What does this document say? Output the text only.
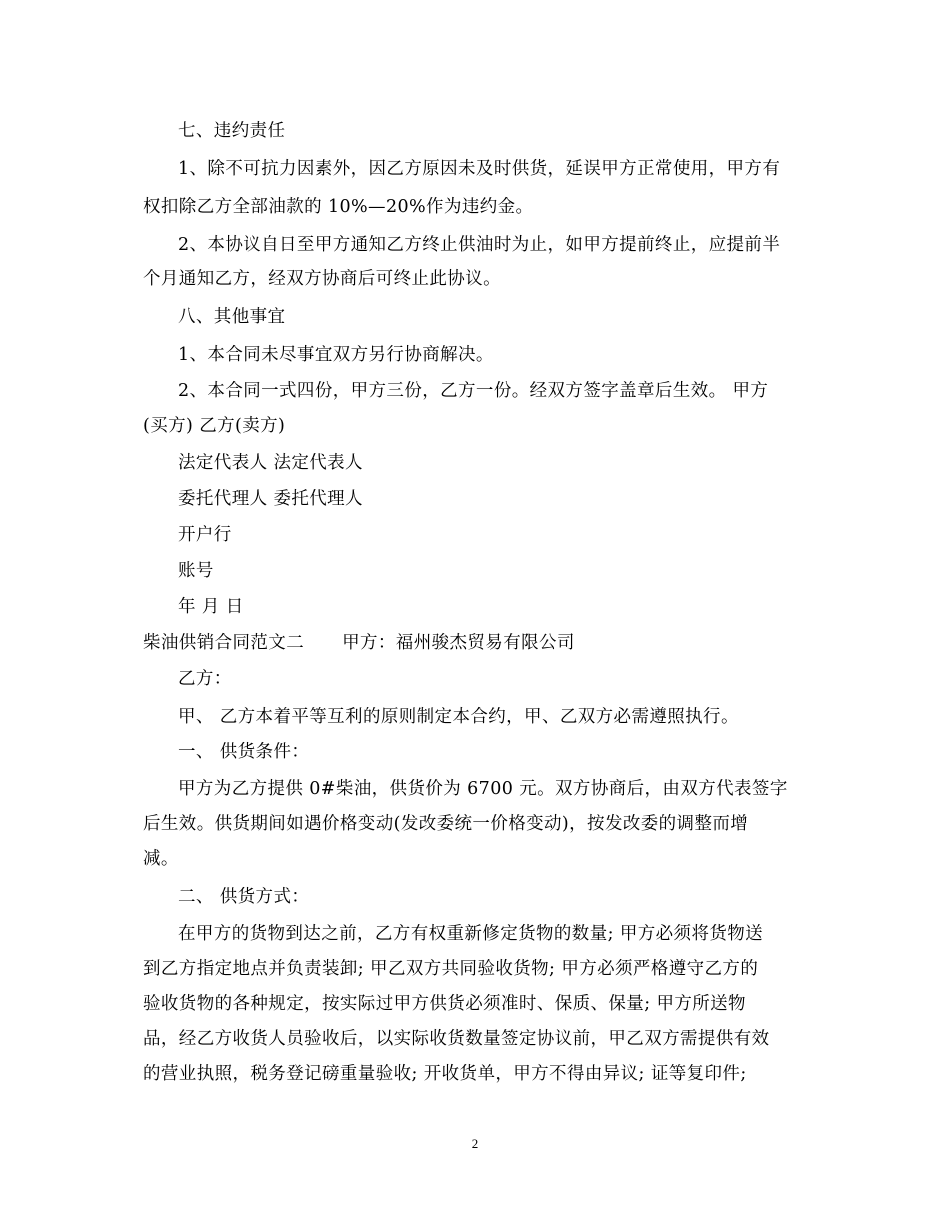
七、违约责任
1、除不可抗力因素外，因乙方原因未及时供货，延误甲方正常使用，甲方有
权扣除乙方全部油款的 10%—20%作为违约金。
2、本协议自日至甲方通知乙方终止供油时为止，如甲方提前终止，应提前半
个月通知乙方，经双方协商后可终止此协议。
八、其他事宜
1、本合同未尽事宜双方另行协商解决。
2、本合同一式四份，甲方三份，乙方一份。经双方签字盖章后生效。 甲方
(买方) 乙方(卖方)
法定代表人 法定代表人
委托代理人 委托代理人
开户行
账号
年 月 日
柴油供销合同范文二 甲方：福州骏杰贸易有限公司
乙方：
甲、 乙方本着平等互利的原则制定本合约，甲、乙双方必需遵照执行。
一、 供货条件：
甲方为乙方提供 0#柴油，供货价为 6700 元。双方协商后，由双方代表签字
后生效。供货期间如遇价格变动(发改委统一价格变动)，按发改委的调整而增
减。
二、 供货方式：
在甲方的货物到达之前，乙方有权重新修定货物的数量; 甲方必须将货物送
到乙方指定地点并负责装卸; 甲乙双方共同验收货物; 甲方必须严格遵守乙方的
验收货物的各种规定，按实际过甲方供货必须准时、保质、保量; 甲方所送物
品，经乙方收货人员验收后，以实际收货数量签定协议前，甲乙双方需提供有效
的营业执照，税务登记磅重量验收; 开收货单，甲方不得由异议; 证等复印件;
2
